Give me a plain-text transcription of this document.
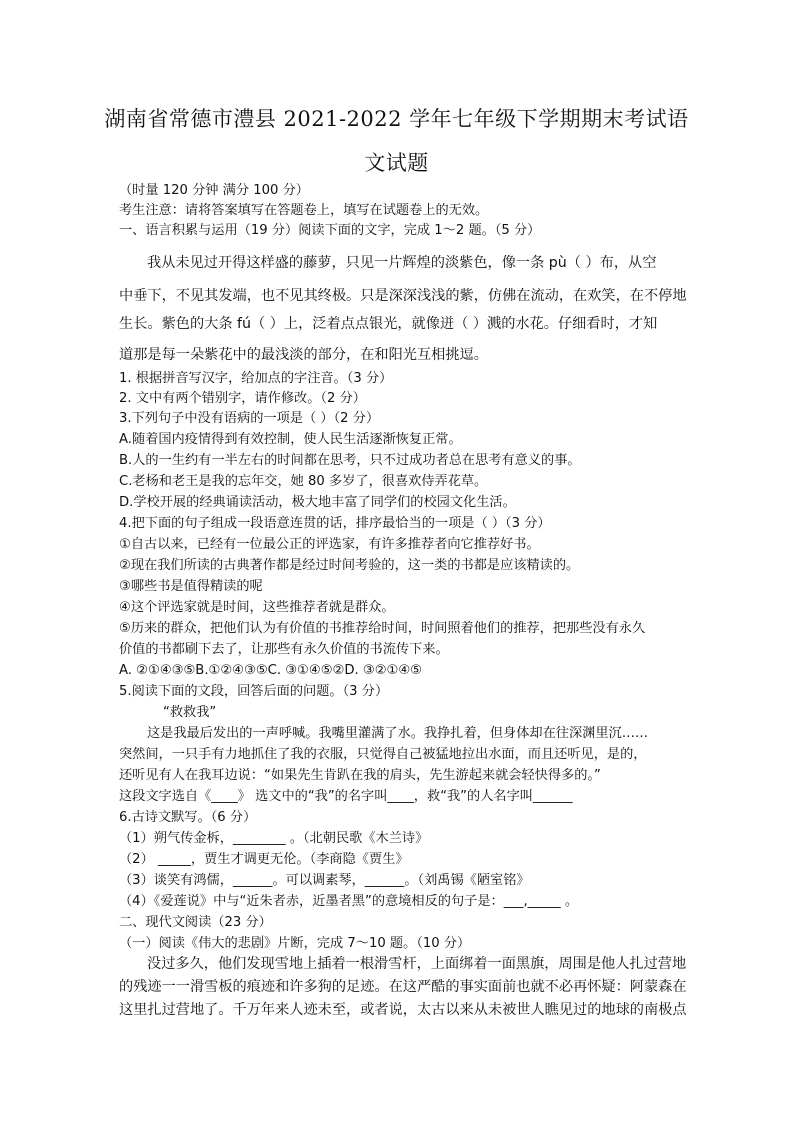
湖南省常德市澧县 2021-2022 学年七年级下学期期末考试语
文试题
（时量 120 分钟 满分 100 分）
考生注意：请将答案填写在答题卷上，填写在试题卷上的无效。
一、语言积累与运用（19 分）阅读下面的文字，完成 1～2 题。（5 分）
我从未见过开得这样盛的藤萝，只见一片辉煌的淡紫色，像一条 pù（ ）布，从空
中垂下，不见其发端，也不见其终极。只是深深浅浅的紫，仿佛在流动，在欢笑，在不停地
生长。紫色的大条 fú（ ）上，泛着点点银光，就像迸（ ）溅的水花。仔细看时，才知
道那是每一朵紫花中的最浅淡的部分，在和阳光互相挑逗。
1. 根据拼音写汉字，给加点的字注音。（3 分）
2. 文中有两个错别字，请作修改。（2 分）
3.下列句子中没有语病的一项是（ ）（2 分）
A.随着国内疫情得到有效控制，使人民生活逐渐恢复正常。
B.人的一生约有一半左右的时间都在思考，只不过成功者总在思考有意义的事。
C.老杨和老王是我的忘年交，她 80 多岁了，很喜欢侍弄花草。
D.学校开展的经典诵读活动，极大地丰富了同学们的校园文化生活。
4.把下面的句子组成一段语意连贯的话，排序最恰当的一项是（ ）（3 分）
①自古以来，已经有一位最公正的评选家，有许多推荐者向它推荐好书。
②现在我们所读的古典著作都是经过时间考验的，这一类的书都是应该精读的。
③哪些书是值得精读的呢
④这个评选家就是时间，这些推荐者就是群众。
⑤历来的群众，把他们认为有价值的书推荐给时间，时间照着他们的推荐，把那些没有永久
价值的书都刷下去了，让那些有永久价值的书流传下来。
A. ②①④③⑤B.①②④③⑤C. ③①④⑤②D. ③②①④⑤
5.阅读下面的文段，回答后面的问题。（3 分）
“救救我”
这是我最后发出的一声呼喊。我嘴里灌满了水。我挣扎着，但身体却在往深渊里沉……
突然间，一只手有力地抓住了我的衣服，只觉得自己被猛地拉出水面，而且还听见，是的，
还听见有人在我耳边说：“如果先生肯趴在我的肩头，先生游起来就会轻快得多的。”
这段文字选自《____》 选文中的“我”的名字叫____，救“我”的人名字叫______
6.古诗文默写。（6 分）
（1）朔气传金柝，________ 。（北朝民歌《木兰诗》
（2） _____，贾生才调更无伦。（李商隐《贾生》
（3）谈笑有鸿儒，______。可以调素琴，______。（刘禹锡《陋室铭》
（4）《爱莲说》中与“近朱者赤，近墨者黑”的意境相反的句子是：___,_____ 。
二、现代文阅读（23 分）
（一）阅读《伟大的悲剧》片断，完成 7～10 题。（10 分）
没过多久，他们发现雪地上插着一根滑雪杆，上面绑着一面黑旗，周围是他人扎过营地
的残迹一一滑雪板的痕迹和许多狗的足迹。在这严酷的事实面前也就不必再怀疑：阿蒙森在
这里扎过营地了。千万年来人迹未至，或者说，太古以来从未被世人瞧见过的地球的南极点
